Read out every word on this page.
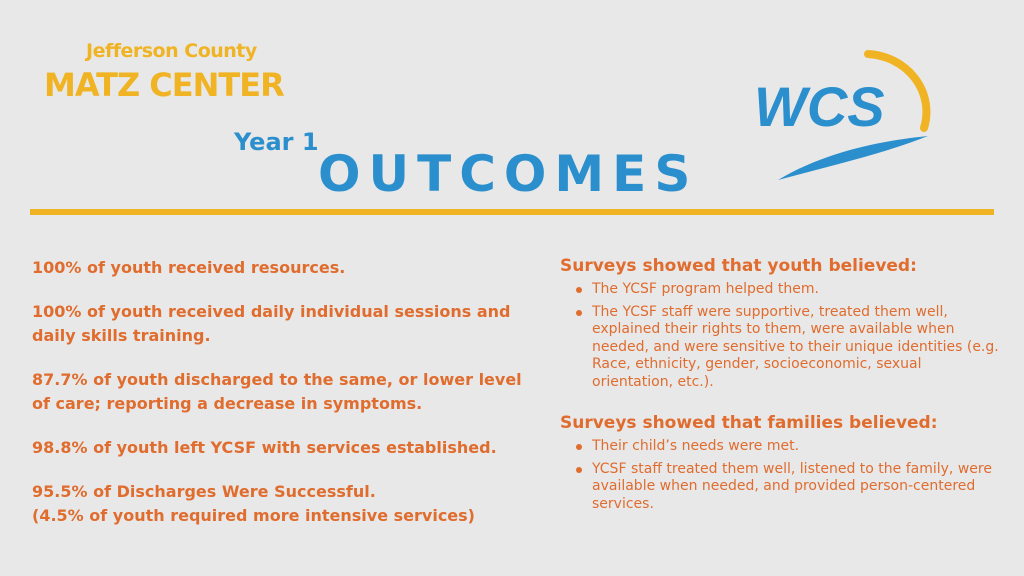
Jefferson County
MATZ CENTER
Year 1
OUTCOMES
WCS

100% of youth received resources.

100% of youth received daily individual sessions and daily skills training.

87.7% of youth discharged to the same, or lower level of care; reporting a decrease in symptoms.

98.8% of youth left YCSF with services established.

95.5% of Discharges Were Successful.
(4.5% of youth required more intensive services)

Surveys showed that youth believed:
The YCSF program helped them.
The YCSF staff were supportive, treated them well, explained their rights to them, were available when needed, and were sensitive to their unique identities (e.g. Race, ethnicity, gender, socioeconomic, sexual orientation, etc.).
Surveys showed that families believed:
Their child’s needs were met.
YCSF staff treated them well, listened to the family, were available when needed, and provided person-centered services.
